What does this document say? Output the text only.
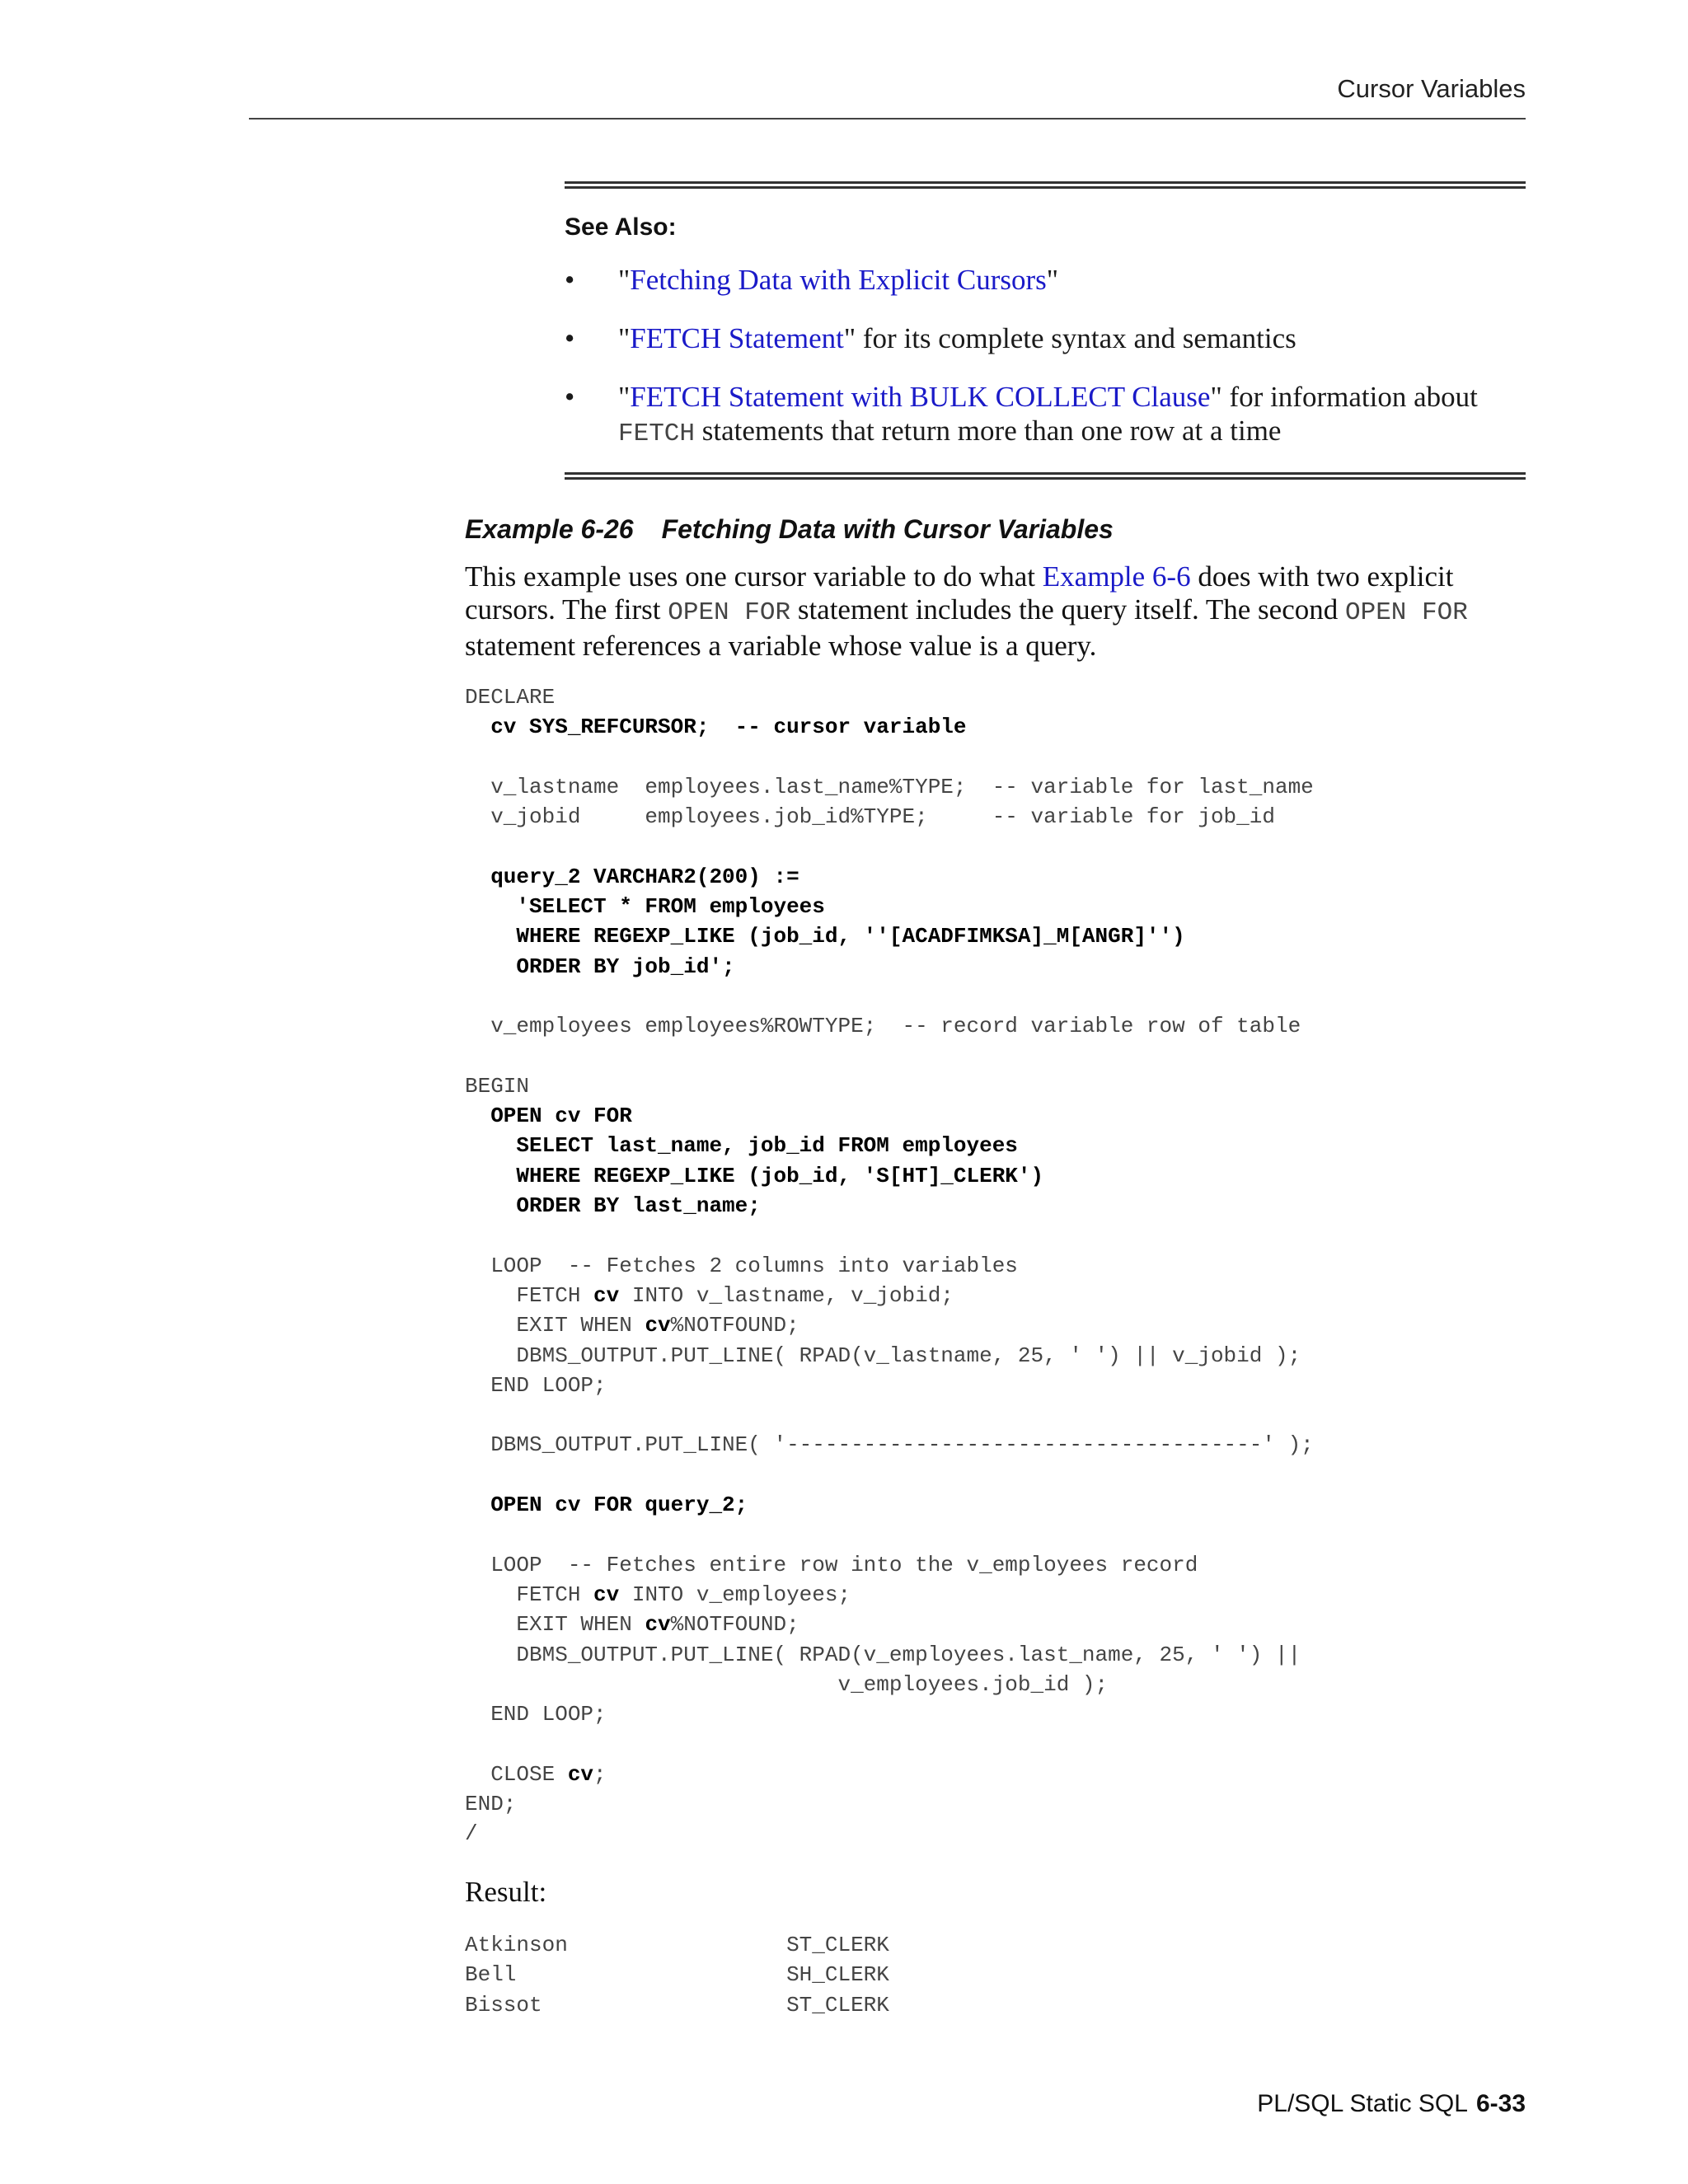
Cursor Variables
See Also:
• "Fetching Data with Explicit Cursors"
• "FETCH Statement" for its complete syntax and semantics
• "FETCH Statement with BULK COLLECT Clause" for information about
FETCH statements that return more than one row at a time
Example 6-26 Fetching Data with Cursor Variables
This example uses one cursor variable to do what Example 6-6 does with two explicit cursors. The first OPEN FOR statement includes the query itself. The second OPEN FOR statement references a variable whose value is a query.
DECLARE
cv SYS_REFCURSOR;  -- cursor variable

v_lastname  employees.last_name%TYPE;  -- variable for last_name
v_jobid     employees.job_id%TYPE;     -- variable for job_id

query_2 VARCHAR2(200) :=
'SELECT * FROM employees
WHERE REGEXP_LIKE (job_id, ''[ACADFIMKSA]_M[ANGR]'')
ORDER BY job_id';

v_employees employees%ROWTYPE;  -- record variable row of table

BEGIN
OPEN cv FOR
SELECT last_name, job_id FROM employees
WHERE REGEXP_LIKE (job_id, 'S[HT]_CLERK')
ORDER BY last_name;

LOOP  -- Fetches 2 columns into variables
FETCH cv INTO v_lastname, v_jobid;
EXIT WHEN cv%NOTFOUND;
DBMS_OUTPUT.PUT_LINE( RPAD(v_lastname, 25, ' ') || v_jobid );
END LOOP;

DBMS_OUTPUT.PUT_LINE( '-------------------------------------' );

OPEN cv FOR query_2;

LOOP  -- Fetches entire row into the v_employees record
FETCH cv INTO v_employees;
EXIT WHEN cv%NOTFOUND;
DBMS_OUTPUT.PUT_LINE( RPAD(v_employees.last_name, 25, ' ') ||
v_employees.job_id );
END LOOP;

CLOSE cv;
END;
/
Result:
Atkinson                 ST_CLERK
Bell                     SH_CLERK
Bissot                   ST_CLERK
PL/SQL Static SQL 6-33
